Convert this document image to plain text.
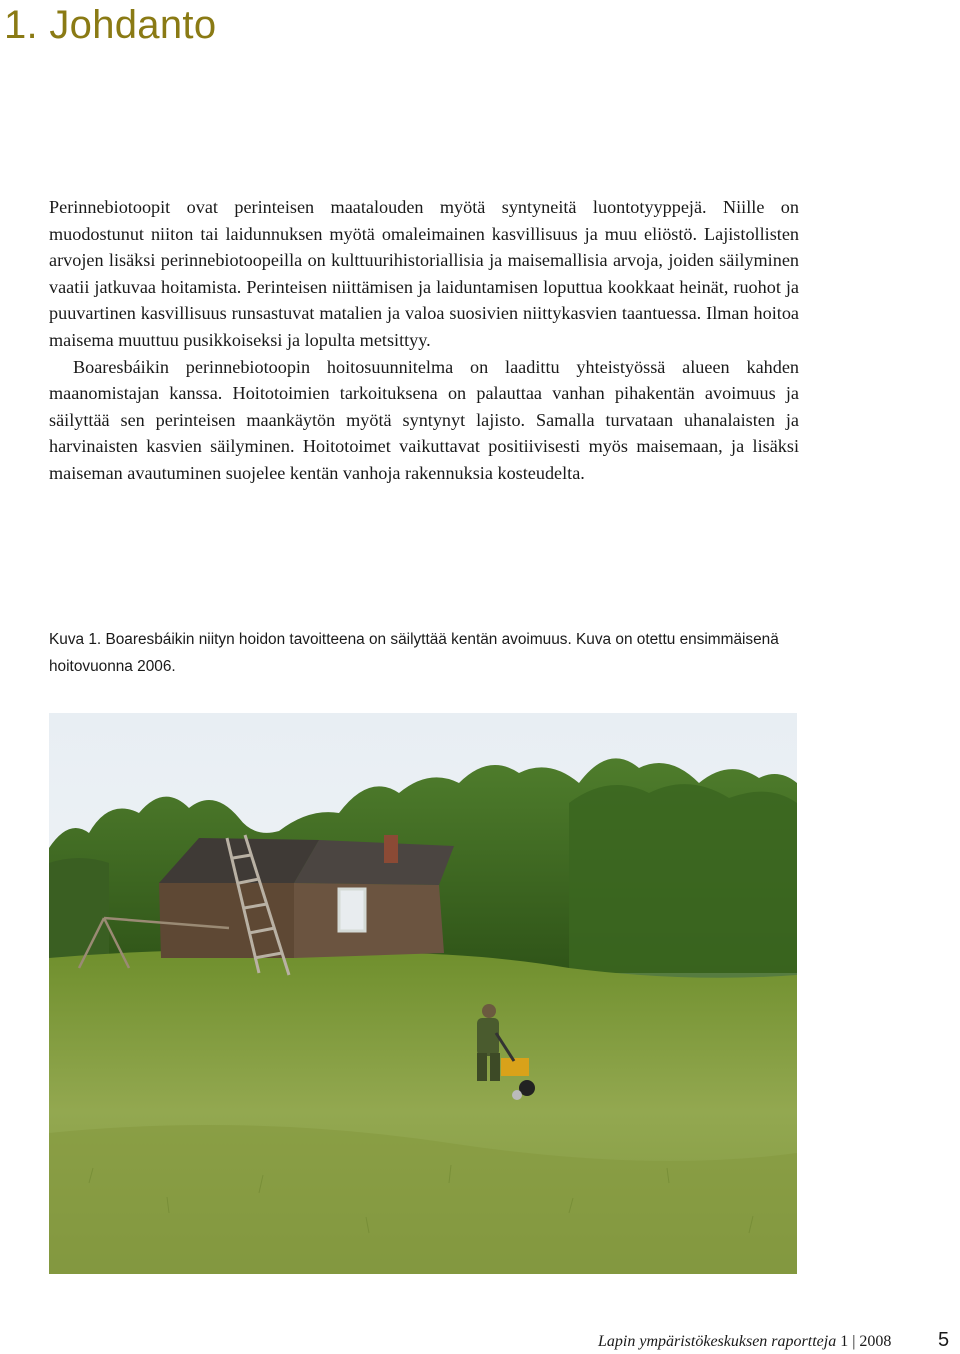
1. Johdanto

Perinnebiotoopit ovat perinteisen maatalouden myötä syntyneitä luontotyyppejä. Niille on muodostunut niiton tai laidunnuksen myötä omaleimainen kasvillisuus ja muu eliöstö. Lajistollisten arvojen lisäksi perinnebiotoopeilla on kulttuurihistoriallisia ja maisemallisia arvoja, joiden säilyminen vaatii jatkuvaa hoitamista. Perinteisen niittämisen ja laiduntamisen loputtua kookkaat heinät, ruohot ja puuvartinen kasvillisuus runsastuvat matalien ja valoa suosivien niittykasvien taantuessa. Ilman hoitoa maisema muuttuu pusikkoiseksi ja lopulta metsittyy.

Boaresbáikin perinnebiotoopin hoitosuunnitelma on laadittu yhteistyössä alueen kahden maanomistajan kanssa. Hoitotoimien tarkoituksena on palauttaa vanhan pihakentän avoimuus ja säilyttää sen perinteisen maankäytön myötä syntynyt lajisto. Samalla turvataan uhanalaisten ja harvinaisten kasvien säilyminen. Hoitotoimet vaikuttavat positiivisesti myös maisemaan, ja lisäksi maiseman avautuminen suojelee kentän vanhoja rakennuksia kosteudelta.

Kuva 1. Boaresbáikin niityn hoidon tavoitteena on säilyttää kentän avoimuus. Kuva on otettu ensimmäisenä hoitovuonna 2006.

Lapin ympäristökeskuksen raportteja 1 | 2008	5
